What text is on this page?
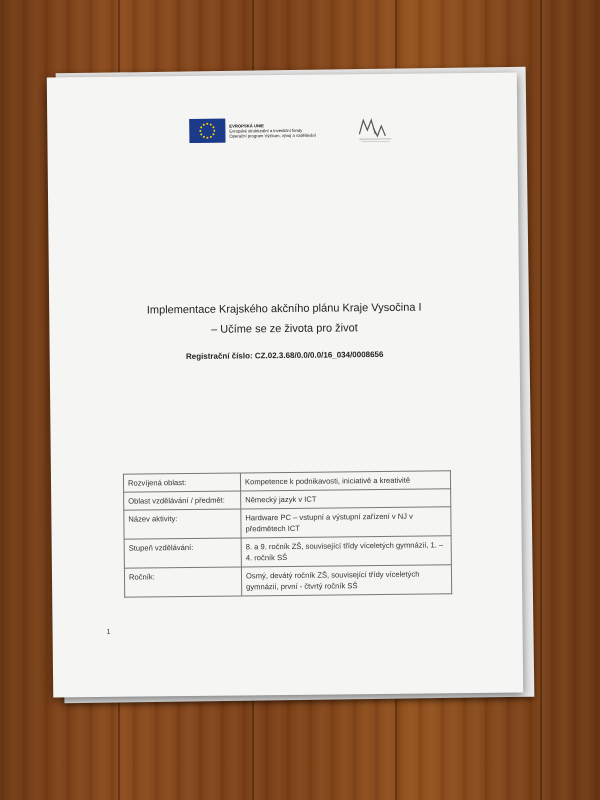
EVROPSKÁ UNIE
Evropské strukturální a investiční fondy
Operační program Výzkum, vývoj a vzdělávání
Implementace Krajského akčního plánu Kraje Vysočina I
– Učíme se ze života pro život
Registrační číslo: CZ.02.3.68/0.0/0.0/16_034/0008656
Rozvíjená oblast:	Kompetence k podnikavosti, iniciativě a kreativitě
Oblast vzdělávání / předmět:	Německý jazyk v ICT
Název aktivity:	Hardware PC – vstupní a výstupní zařízení v NJ v předmětech ICT
Stupeň vzdělávání:	8. a 9. ročník ZŠ, související třídy víceletých gymnázií, 1. – 4. ročník SŠ
Ročník:	Osmý, devátý ročník ZŠ, související třídy víceletých gymnázií, první - čtvrtý ročník SŠ
1
